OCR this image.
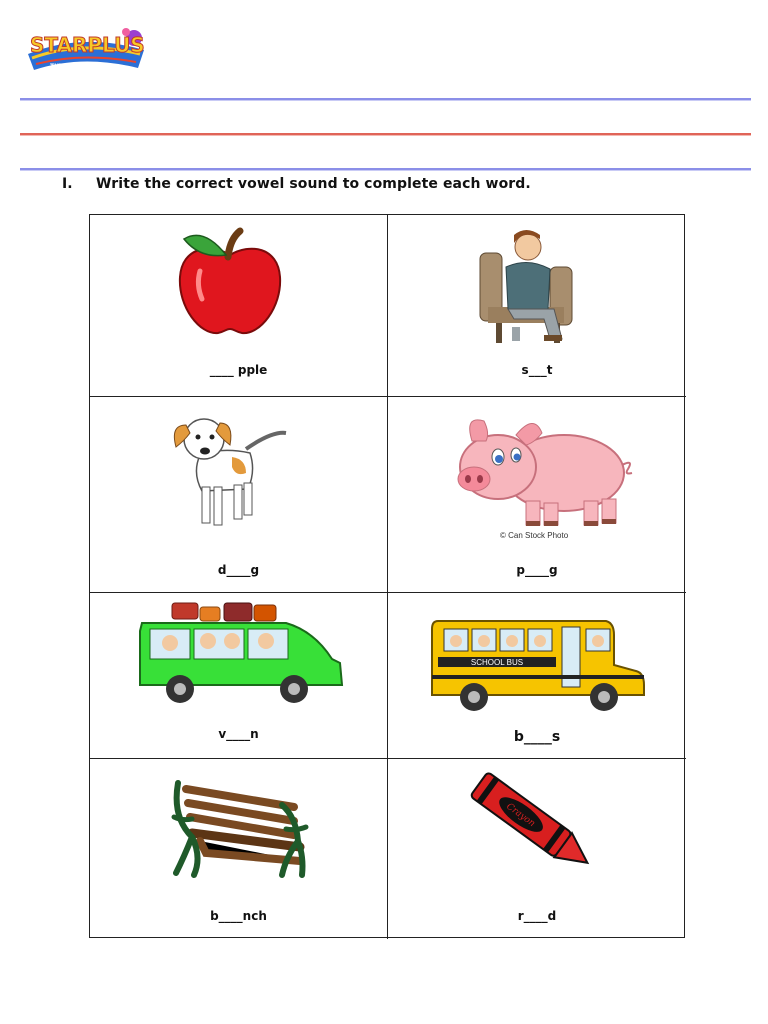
STARPLUS
TUTORIAL CENTER
I. Write the correct vowel sound to complete each word.
____ pple	s___t
d____g
© Can Stock Photo
p____g
v____n
SCHOOL BUS
b____s
b____nch
Crayon
r____d
